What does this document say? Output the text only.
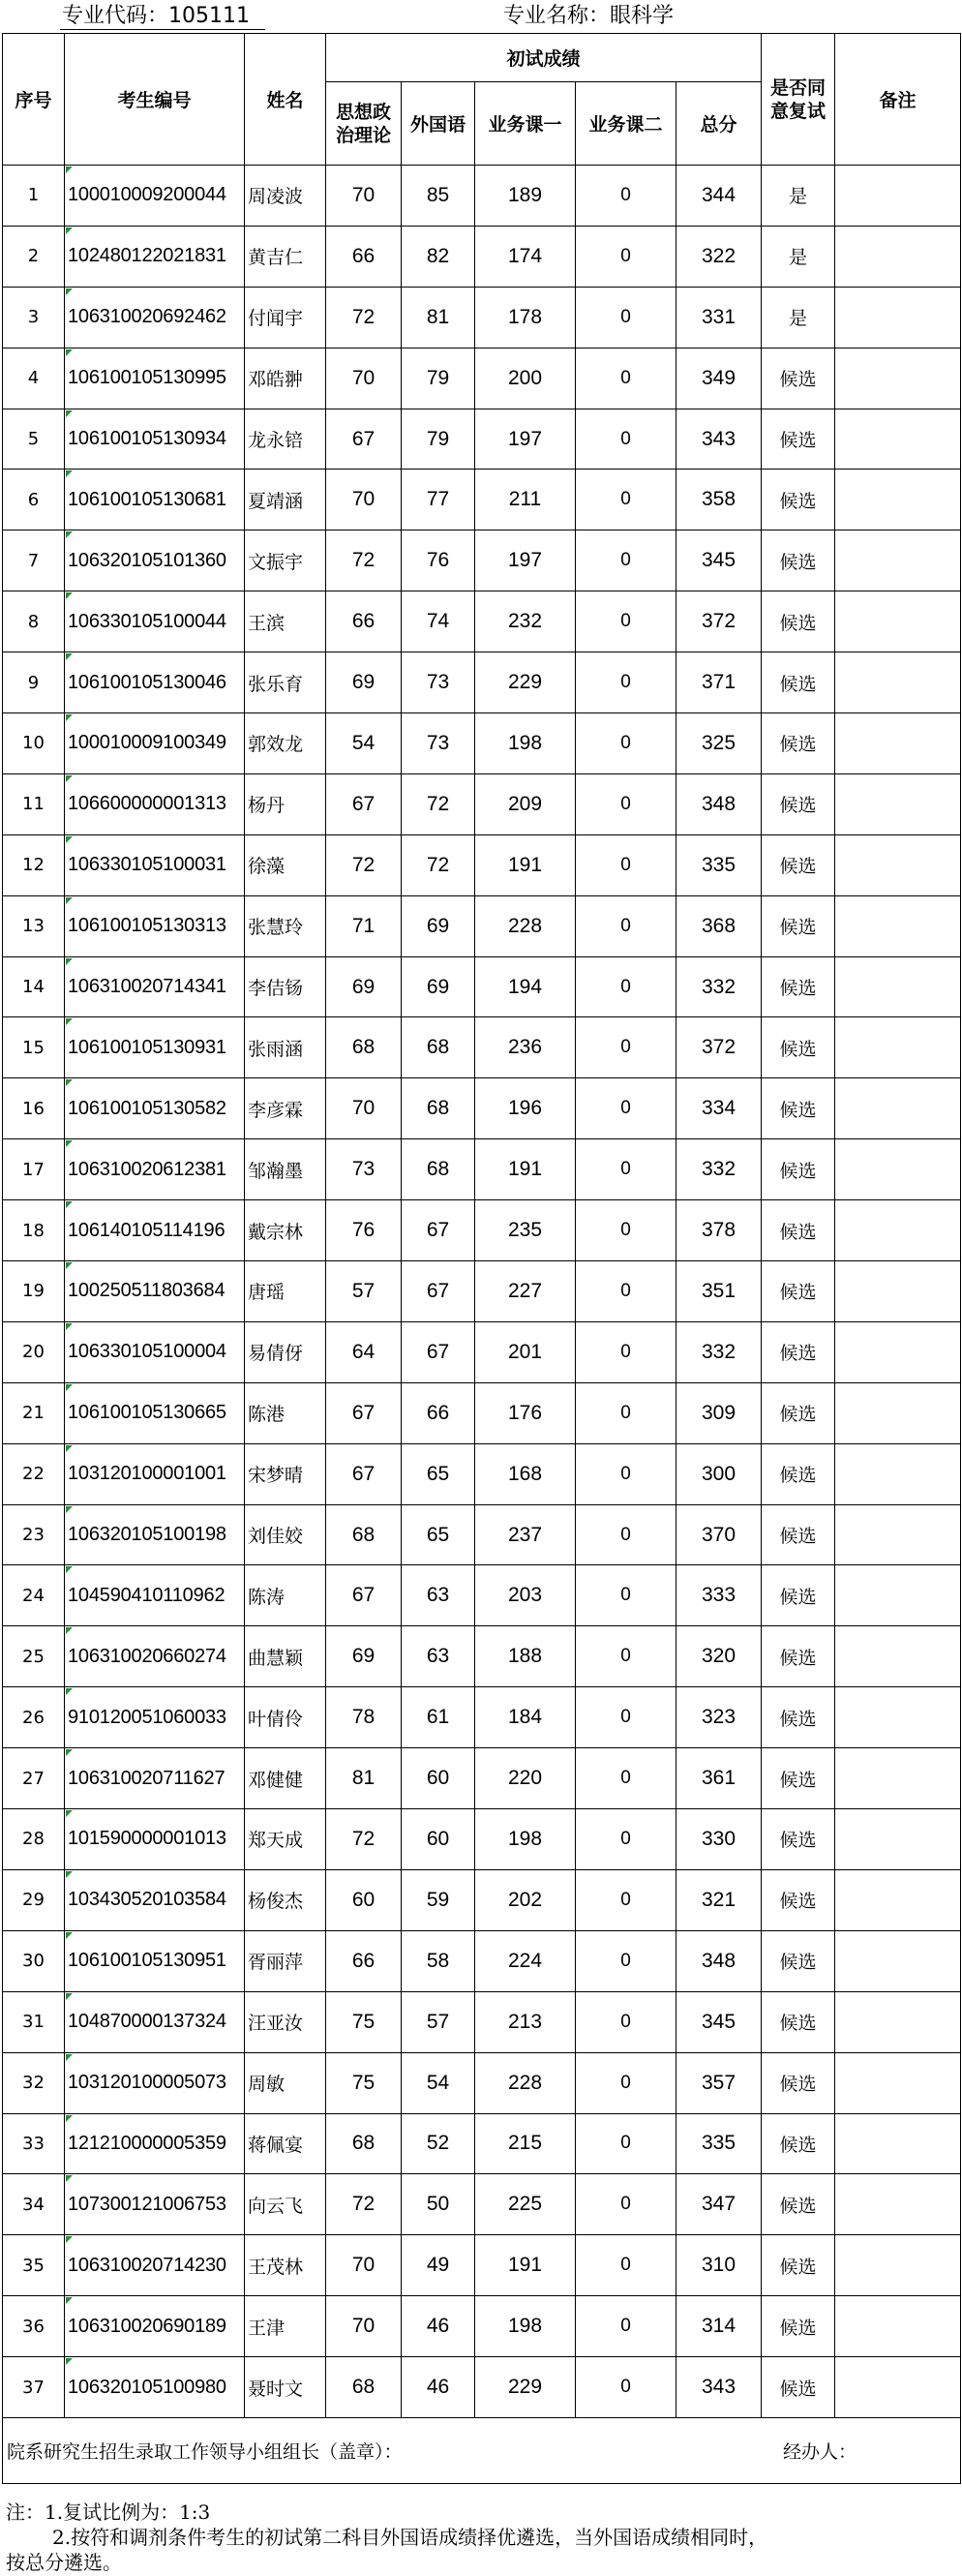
专业代码：105111	专业名称：眼科学
序号	考生编号	姓名	初试成绩					是否同意复试	备注
			思想政治理论	外国语	业务课一	业务课二	总分		
1	100010009200044	周凌波	70	85	189	0	344	是	
2	102480122021831	黄吉仁	66	82	174	0	322	是	
3	106310020692462	付闻宇	72	81	178	0	331	是	
4	106100105130995	邓皓翀	70	79	200	0	349	候选	
5	106100105130934	龙永锫	67	79	197	0	343	候选	
6	106100105130681	夏靖涵	70	77	211	0	358	候选	
7	106320105101360	文振宇	72	76	197	0	345	候选	
8	106330105100044	王滨	66	74	232	0	372	候选	
9	106100105130046	张乐育	69	73	229	0	371	候选	
10	100010009100349	郭效龙	54	73	198	0	325	候选	
11	106600000001313	杨丹	67	72	209	0	348	候选	
12	106330105100031	徐藻	72	72	191	0	335	候选	
13	106100105130313	张慧玲	71	69	228	0	368	候选	
14	106310020714341	李佶钖	69	69	194	0	332	候选	
15	106100105130931	张雨涵	68	68	236	0	372	候选	
16	106100105130582	李彦霖	70	68	196	0	334	候选	
17	106310020612381	邹瀚墨	73	68	191	0	332	候选	
18	106140105114196	戴宗林	76	67	235	0	378	候选	
19	100250511803684	唐瑶	57	67	227	0	351	候选	
20	106330105100004	易倩伢	64	67	201	0	332	候选	
21	106100105130665	陈港	67	66	176	0	309	候选	
22	103120100001001	宋梦晴	67	65	168	0	300	候选	
23	106320105100198	刘佳姣	68	65	237	0	370	候选	
24	104590410110962	陈涛	67	63	203	0	333	候选	
25	106310020660274	曲慧颖	69	63	188	0	320	候选	
26	910120051060033	叶倩伶	78	61	184	0	323	候选	
27	106310020711627	邓健健	81	60	220	0	361	候选	
28	101590000001013	郑天成	72	60	198	0	330	候选	
29	103430520103584	杨俊杰	60	59	202	0	321	候选	
30	106100105130951	胥丽萍	66	58	224	0	348	候选	
31	104870000137324	汪亚汝	75	57	213	0	345	候选	
32	103120100005073	周敏	75	54	228	0	357	候选	
33	121210000005359	蒋佩宴	68	52	215	0	335	候选	
34	107300121006753	向云飞	72	50	225	0	347	候选	
35	106310020714230	王茂林	70	49	191	0	310	候选	
36	106310020690189	王津	70	46	198	0	314	候选	
37	106320105100980	聂时文	68	46	229	0	343	候选	

院系研究生招生录取工作领导小组组长（盖章）： 经办人：									
注：1.复试比例为：1:3
2.按符和调剂条件考生的初试第二科目外国语成绩择优遴选，当外国语成绩相同时，
按总分遴选。
